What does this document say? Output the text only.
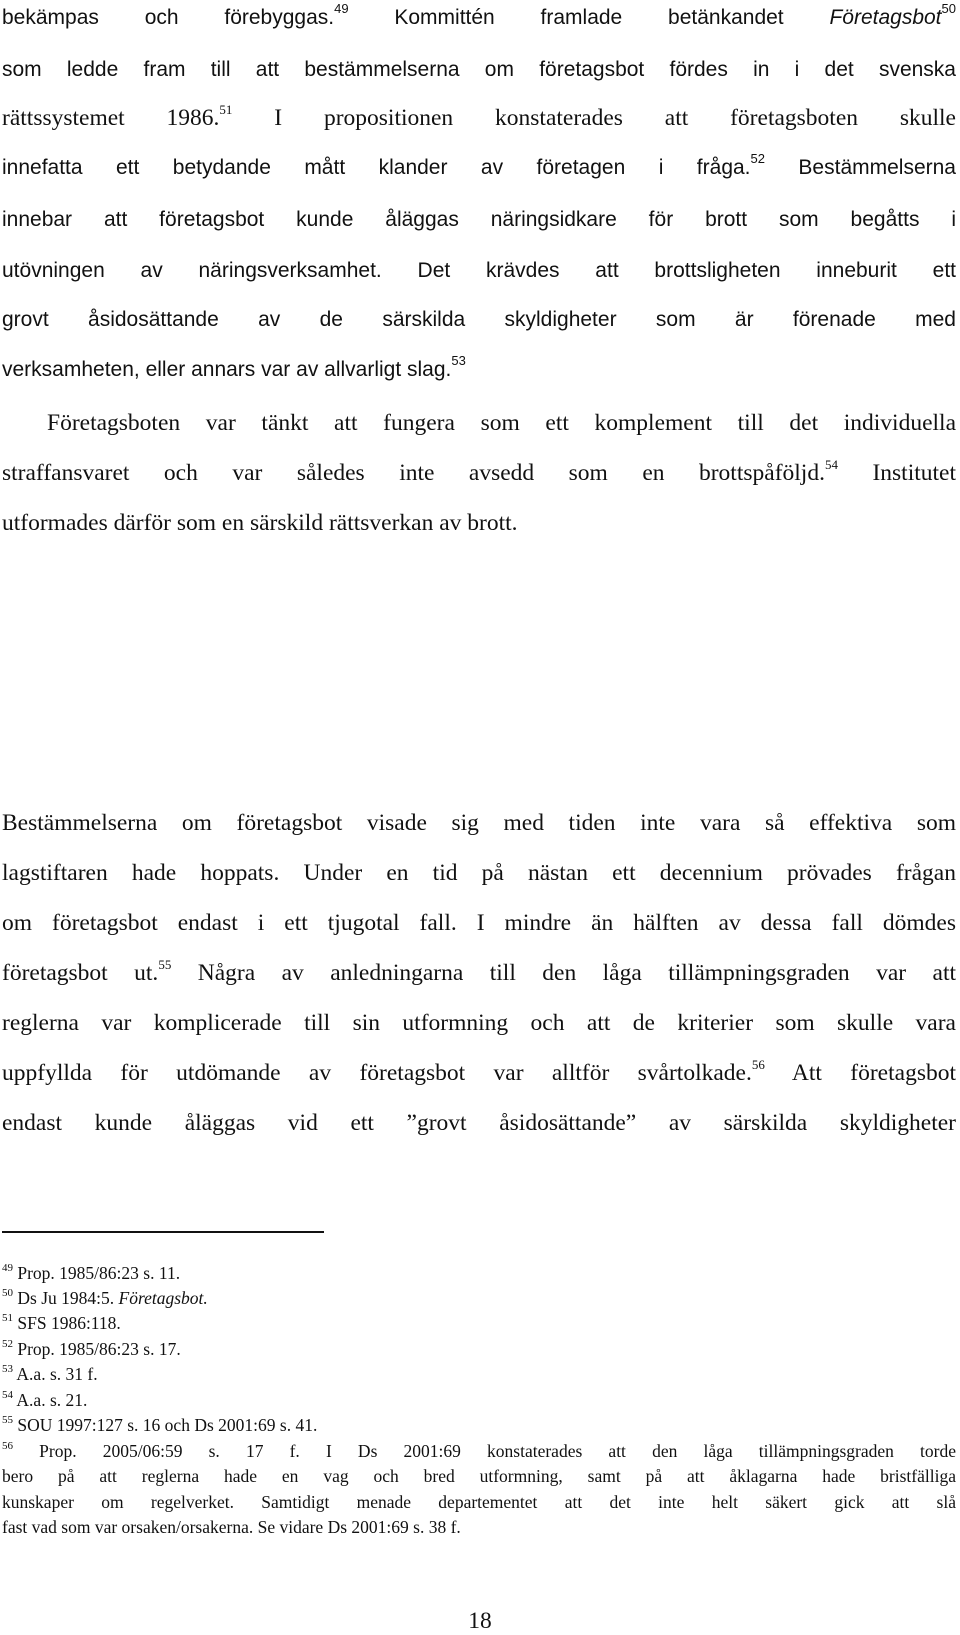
bekämpas och förebyggas.$^{49}$ Kommittén framlade betänkandet Företagsbot$^{50}$
som ledde fram till att bestämmelserna om företagsbot fördes in i det svenska
rättssystemet 1986.51 I propositionen konstaterades att företagsboten skulle
innefatta ett betydande mått klander av företagen i fråga.$^{52}$ Bestämmelserna
innebar att företagsbot kunde åläggas näringsidkare för brott som begåtts i
utövningen av näringsverksamhet. Det krävdes att brottsligheten inneburit ett
grovt åsidosättande av de särskilda skyldigheter som är förenade med
verksamheten, eller annars var av allvarligt slag.$^{53}$
Företagsboten var tänkt att fungera som ett komplement till det individuella
straffansvaret och var således inte avsedd som en brottspåföljd.$^{54}$ Institutet
utformades därför som en särskild rättsverkan av brott.
Bestämmelserna om företagsbot visade sig med tiden inte vara så effektiva som
lagstiftaren hade hoppats. Under en tid på nästan ett decennium prövades frågan
om företagsbot endast i ett tjugotal fall. I mindre än hälften av dessa fall dömdes
företagsbot ut.$^{55}$ Några av anledningarna till den låga tillämpningsgraden var att
reglerna var komplicerade till sin utformning och att de kriterier som skulle vara
uppfyllda för utdömande av företagsbot var alltför svårtolkade.$^{56}$ Att företagsbot
endast kunde åläggas vid ett ”grovt åsidosättande” av särskilda skyldigheter
$^{49}$ Prop. 1985/86:23 s. 11.
$^{50}$ Ds Ju 1984:5. Företagsbot.
$^{51}$ SFS 1986:118.
$^{52}$ Prop. 1985/86:23 s. 17.
$^{53}$ A.a. s. 31 f.
$^{54}$ A.a. s. 21.
$^{55}$ SOU 1997:127 s. 16 och Ds 2001:69 s. 41.
$^{56}$ Prop. 2005/06:59 s. 17 f. I Ds 2001:69 konstaterades att den låga tillämpningsgraden torde
bero på att reglerna hade en vag och bred utformning, samt på att åklagarna hade bristfälliga
kunskaper om regelverket. Samtidigt menade departementet att det inte helt säkert gick att slå
fast vad som var orsaken/orsakerna. Se vidare Ds 2001:69 s. 38 f.
18
